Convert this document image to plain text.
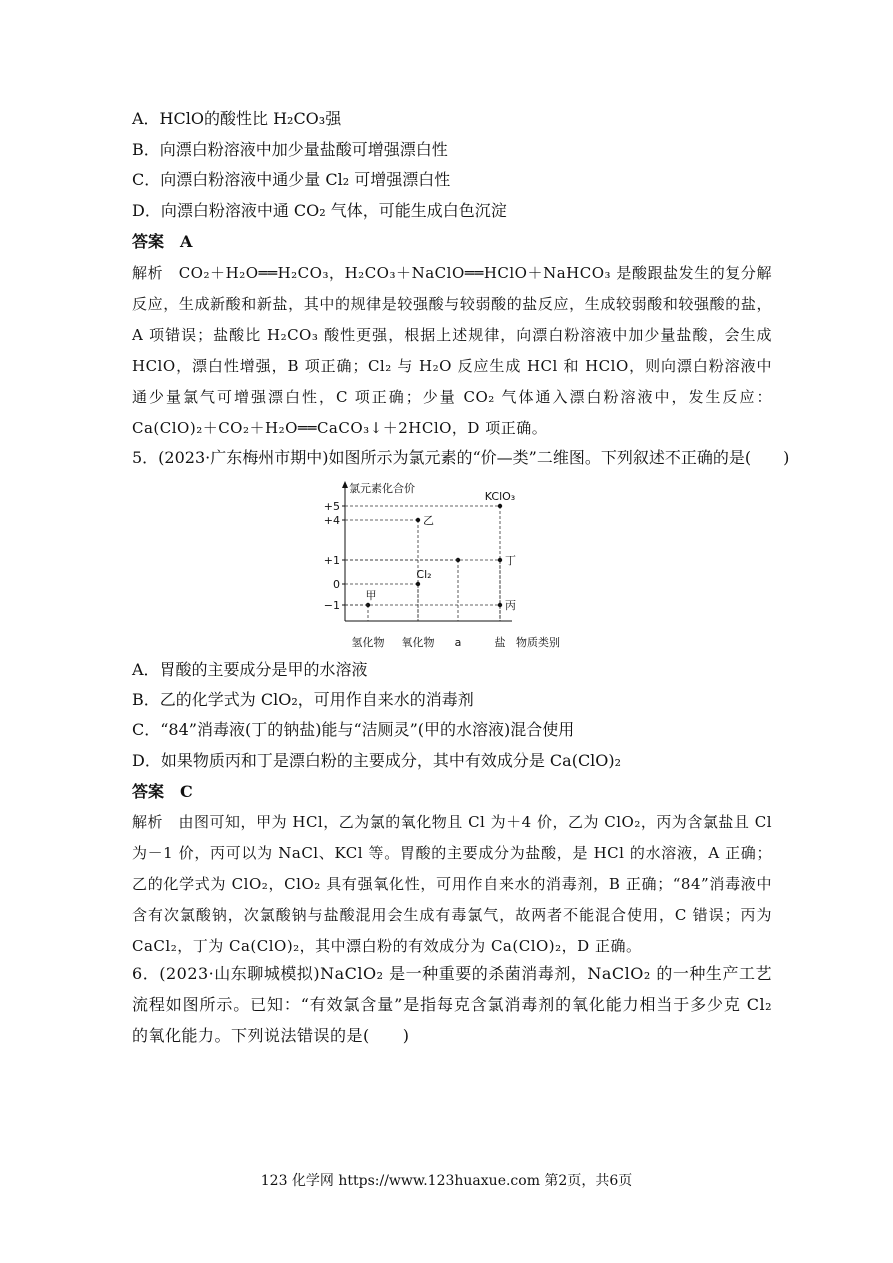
A．HClO的酸性比 H₂CO₃强
B．向漂白粉溶液中加少量盐酸可增强漂白性
C．向漂白粉溶液中通少量 Cl₂ 可增强漂白性
D．向漂白粉溶液中通 CO₂ 气体，可能生成白色沉淀
答案　A
解析　CO₂＋H₂O══H₂CO₃，H₂CO₃＋NaClO══HClO＋NaHCO₃ 是酸跟盐发生的复分解反应，生成新酸和新盐，其中的规律是较强酸与较弱酸的盐反应，生成较弱酸和较强酸的盐，A 项错误；盐酸比 H₂CO₃ 酸性更强，根据上述规律，向漂白粉溶液中加少量盐酸，会生成 HClO，漂白性增强，B 项正确；Cl₂ 与 H₂O 反应生成 HCl 和 HClO，则向漂白粉溶液中通少量氯气可增强漂白性，C 项正确；少量 CO₂ 气体通入漂白粉溶液中，发生反应：Ca(ClO)₂＋CO₂＋H₂O══CaCO₃↓＋2HClO，D 项正确。
5．(2023·广东梅州市期中)如图所示为氯元素的“价—类”二维图。下列叙述不正确的是(　　)
氯元素化合价
物质类别
+5
+4
+1
0
−1
氢化物 氧化物 a	盐
KClO₃
乙
丁
Cl₂
甲
丙
A．胃酸的主要成分是甲的水溶液
B．乙的化学式为 ClO₂，可用作自来水的消毒剂
C．“84”消毒液(丁的钠盐)能与“洁厕灵”(甲的水溶液)混合使用
D．如果物质丙和丁是漂白粉的主要成分，其中有效成分是 Ca(ClO)₂
答案　C
解析　由图可知，甲为 HCl，乙为氯的氧化物且 Cl 为＋4 价，乙为 ClO₂，丙为含氯盐且 Cl 为－1 价，丙可以为 NaCl、KCl 等。胃酸的主要成分为盐酸，是 HCl 的水溶液，A 正确；乙的化学式为 ClO₂，ClO₂ 具有强氧化性，可用作自来水的消毒剂，B 正确；“84”消毒液中含有次氯酸钠，次氯酸钠与盐酸混用会生成有毒氯气，故两者不能混合使用，C 错误；丙为 CaCl₂，丁为 Ca(ClO)₂，其中漂白粉的有效成分为 Ca(ClO)₂，D 正确。
6．(2023·山东聊城模拟)NaClO₂ 是一种重要的杀菌消毒剂，NaClO₂ 的一种生产工艺流程如图所示。已知：“有效氯含量”是指每克含氯消毒剂的氧化能力相当于多少克 Cl₂ 的氧化能力。下列说法错误的是(　　)
123 化学网 https://www.123huaxue.com 第2页，共6页
